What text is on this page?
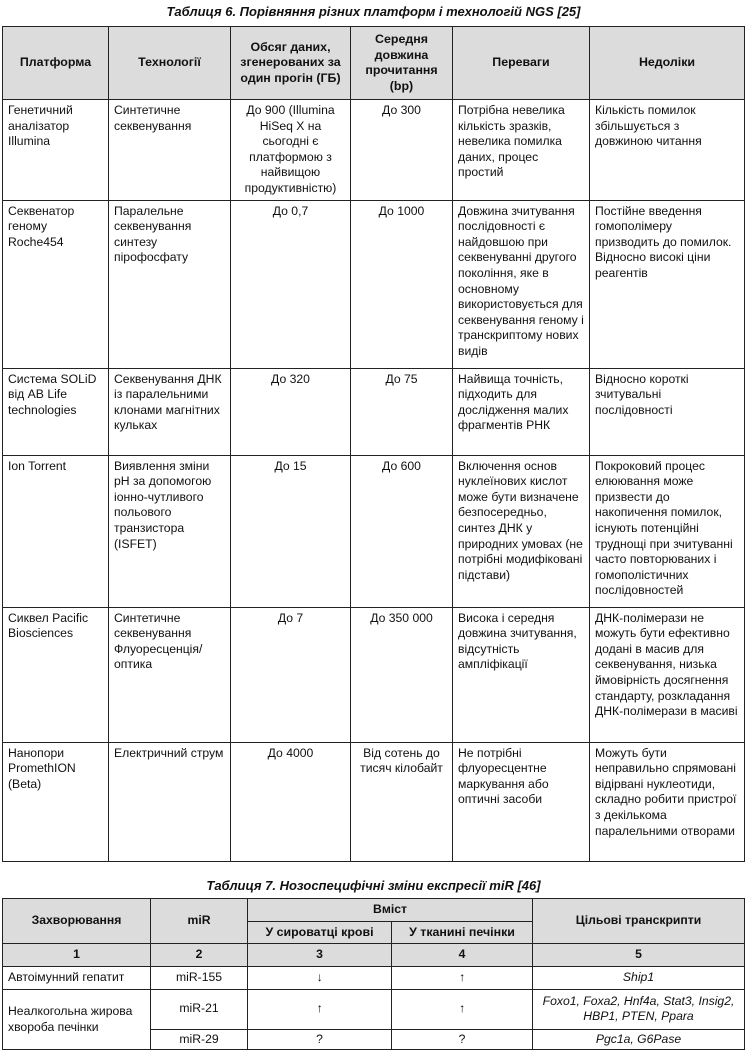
Таблиця 6. Порівняння різних платформ і технологій NGS [25]
Платформа	Технології	Обсяг даних, згенерованих за один прогін (ГБ)	Середня довжина прочитання (bp)	Переваги	Недоліки
Генетичний аналізатор Illumina	Синтетичне секвенування	До 900 (Illumina HiSeq X на сьогодні є платформою з найвищою продуктивністю)	До 300	Потрібна невелика кількість зразків, невелика помилка даних, процес простий	Кількість помилок збільшується з довжиною читання
Секвенатор геному Roche454	Паралельне секвенування синтезу пірофосфату	До 0,7	До 1000	Довжина зчитування послідовності є найдовшою при секвенуванні другого покоління, яке в основному використовується для секвенування геному і транскриптому нових видів	Постійне введення гомополімеру призводить до помилок. Відносно високі ціни реагентів
Система SOLiD від AB Life technologies	Секвенування ДНК із паралельними клонами магнітних кульках	До 320	До 75	Найвища точність, підходить для дослідження малих фрагментів РНК	Відносно короткі зчитувальні послідовності
Ion Torrent	Виявлення зміни pH за допомогою іонно-чутливого польового транзистора (ISFET)	До 15	До 600	Включення основ нуклеїнових кислот може бути визначене безпосередньо, синтез ДНК у природних умовах (не потрібні модифіковані підстави)	Покроковий процес елюювання може призвести до накопичення помилок, існують потенційні труднощі при зчитуванні часто повторюваних і гомополістичних послідовностей
Сиквел Pacific Biosciences	Синтетичне секвенування Флуоресценція/оптика	До 7	До 350 000	Висока і середня довжина зчитування, відсутність ампліфікації	ДНК-полімерази не можуть бути ефективно додані в масив для секвенування, низька ймовірність досягнення стандарту, розкладання ДНК-полімерази в масиві
Нанопори PromethION (Beta)	Електричний струм	До 4000	Від сотень до тисяч кілобайт	Не потрібні флуоресцентне маркування або оптичні засоби	Можуть бути неправильно спрямовані відірвані нуклеотиди, складно робити пристрої з декількома паралельними отворами
Таблиця 7. Нозоспецифічні зміни експресії miR [46]
Захворювання	miR	Вміст		Цільові транскрипти
		У сироватці крові	У тканині печінки	
1	2	3	4	5
Автоімунний гепатит	miR-155	↓	↑	Ship1
Неалкогольна жирова хвороба печінки	miR-21	↑	↑	Foxo1, Foxa2, Hnf4a, Stat3, Insig2, HBP1, PTEN, Ppara
	miR-29	?	?	Pgc1a, G6Pase
